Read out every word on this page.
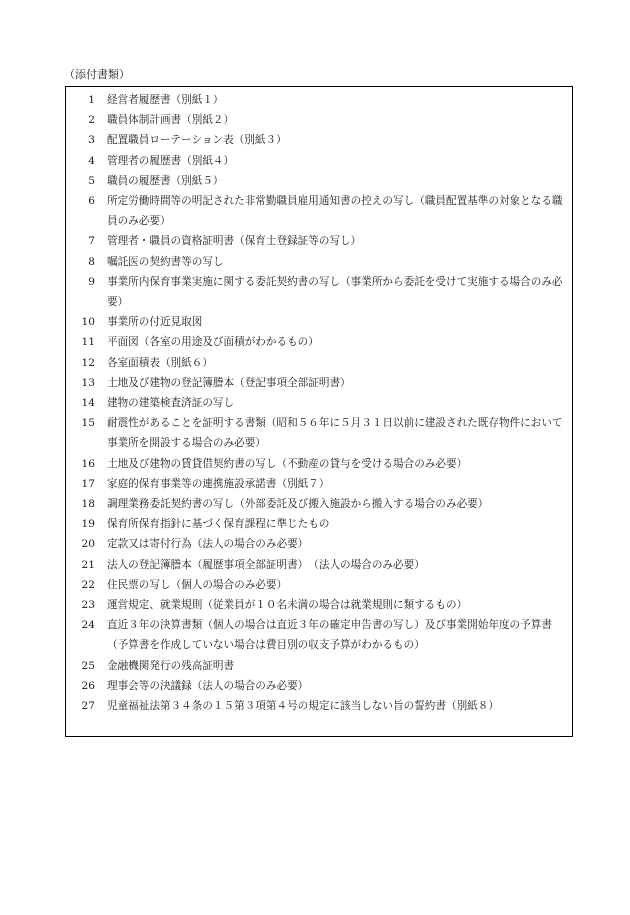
（添付書類）
1	経営者履歴書（別紙１）
2	職員体制計画書（別紙２）
3	配置職員ローテーション表（別紙３）
4	管理者の履歴書（別紙４）
5	職員の履歴書（別紙５）
6	所定労働時間等の明記された非常勤職員雇用通知書の控えの写し（職員配置基準の対象となる職員のみ必要）
7	管理者・職員の資格証明書（保育士登録証等の写し）
8	嘱託医の契約書等の写し
9	事業所内保育事業実施に関する委託契約書の写し（事業所から委託を受けて実施する場合のみ必要）
10	事業所の付近見取図
11	平面図（各室の用途及び面積がわかるもの）
12	各室面積表（別紙６）
13	土地及び建物の登記簿謄本（登記事項全部証明書）
14	建物の建築検査済証の写し
15	耐震性があることを証明する書類（昭和５６年に５月３１日以前に建設された既存物件において事業所を開設する場合のみ必要）
16	土地及び建物の賃貸借契約書の写し（不動産の貸与を受ける場合のみ必要）
17	家庭的保育事業等の連携施設承諾書（別紙７）
18	調理業務委託契約書の写し（外部委託及び搬入施設から搬入する場合のみ必要）
19	保育所保育指針に基づく保育課程に準じたもの
20	定款又は寄付行為（法人の場合のみ必要）
21	法人の登記簿謄本（履歴事項全部証明書）　（法人の場合のみ必要）
22	住民票の写し（個人の場合のみ必要）
23	運営規定、就業規則（従業員が１０名未満の場合は就業規則に類するもの）
24	直近３年の決算書類（個人の場合は直近３年の確定申告書の写し）及び事業開始年度の予算書（予算書を作成していない場合は費目別の収支予算がわかるもの）
25	金融機関発行の残高証明書
26	理事会等の決議録（法人の場合のみ必要）
27	児童福祉法第３４条の１５第３項第４号の規定に該当しない旨の誓約書（別紙８）
